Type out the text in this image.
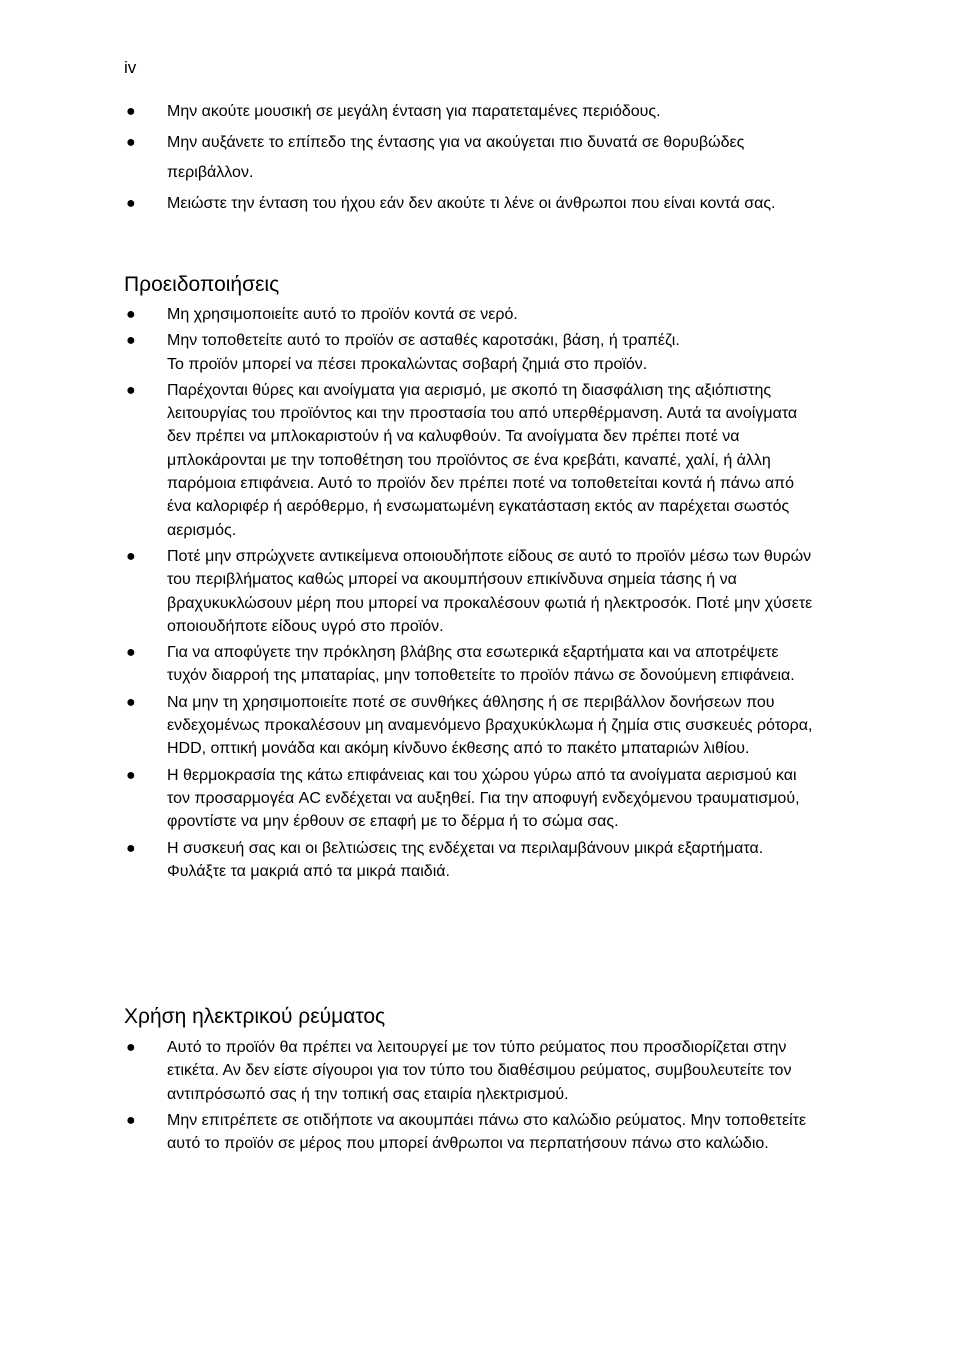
iv
● Μην ακούτε μουσική σε μεγάλη ένταση για παρατεταμένες περιόδους.
● Μην αυξάνετε το επίπεδο της έντασης για να ακούγεται πιο δυνατά σε θορυβώδες περιβάλλον.
● Μειώστε την ένταση του ήχου εάν δεν ακούτε τι λένε οι άνθρωποι που είναι κοντά σας.
Προειδοποιήσεις
● Μη χρησιμοποιείτε αυτό το προϊόν κοντά σε νερό.
● Μην τοποθετείτε αυτό το προϊόν σε ασταθές καροτσάκι, βάση, ή τραπέζι.
Το προϊόν μπορεί να πέσει προκαλώντας σοβαρή ζημιά στο προϊόν.
● Παρέχονται θύρες και ανοίγματα για αερισμό, με σκοπό τη διασφάλιση της αξιόπιστης λειτουργίας του προϊόντος και την προστασία του από υπερθέρμανση. Αυτά τα ανοίγματα δεν πρέπει να μπλοκαριστούν ή να καλυφθούν. Τα ανοίγματα δεν πρέπει ποτέ να μπλοκάρονται με την τοποθέτηση του προϊόντος σε ένα κρεβάτι, καναπέ, χαλί, ή άλλη παρόμοια επιφάνεια. Αυτό το προϊόν δεν πρέπει ποτέ να τοποθετείται κοντά ή πάνω από ένα καλοριφέρ ή αερόθερμο, ή ενσωματωμένη εγκατάσταση εκτός αν παρέχεται σωστός αερισμός.
● Ποτέ μην σπρώχνετε αντικείμενα οποιουδήποτε είδους σε αυτό το προϊόν μέσω των θυρών του περιβλήματος καθώς μπορεί να ακουμπήσουν επικίνδυνα σημεία τάσης ή να βραχυκυκλώσουν μέρη που μπορεί να προκαλέσουν φωτιά ή ηλεκτροσόκ. Ποτέ μην χύσετε οποιουδήποτε είδους υγρό στο προϊόν.
● Για να αποφύγετε την πρόκληση βλάβης στα εσωτερικά εξαρτήματα και να αποτρέψετε τυχόν διαρροή της μπαταρίας, μην τοποθετείτε το προϊόν πάνω σε δονούμενη επιφάνεια.
● Να μην τη χρησιμοποιείτε ποτέ σε συνθήκες άθλησης ή σε περιβάλλον δονήσεων που ενδεχομένως προκαλέσουν μη αναμενόμενο βραχυκύκλωμα ή ζημία στις συσκευές ρότορα, HDD, οπτική μονάδα και ακόμη κίνδυνο έκθεσης από το πακέτο μπαταριών λιθίου.
● Η θερμοκρασία της κάτω επιφάνειας και του χώρου γύρω από τα ανοίγματα αερισμού και τον προσαρμογέα AC ενδέχεται να αυξηθεί. Για την αποφυγή ενδεχόμενου τραυματισμού, φροντίστε να μην έρθουν σε επαφή με το δέρμα ή το σώμα σας.
● Η συσκευή σας και οι βελτιώσεις της ενδέχεται να περιλαμβάνουν μικρά εξαρτήματα. Φυλάξτε τα μακριά από τα μικρά παιδιά.
Χρήση ηλεκτρικού ρεύματος
● Αυτό το προϊόν θα πρέπει να λειτουργεί με τον τύπο ρεύματος που προσδιορίζεται στην ετικέτα. Αν δεν είστε σίγουροι για τον τύπο του διαθέσιμου ρεύματος, συμβουλευτείτε τον αντιπρόσωπό σας ή την τοπική σας εταιρία ηλεκτρισμού.
● Μην επιτρέπετε σε οτιδήποτε να ακουμπάει πάνω στο καλώδιο ρεύματος. Μην τοποθετείτε αυτό το προϊόν σε μέρος που μπορεί άνθρωποι να περπατήσουν πάνω στο καλώδιο.
